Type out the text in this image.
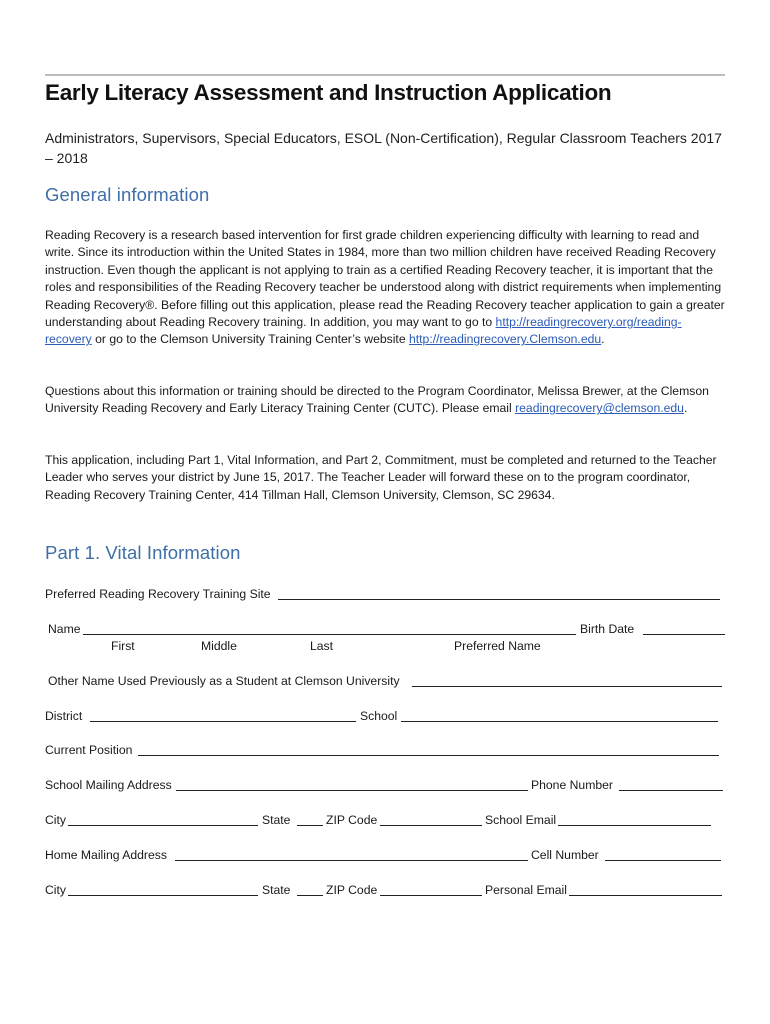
Early Literacy Assessment and Instruction Application
Administrators, Supervisors, Special Educators, ESOL (Non-Certification), Regular Classroom Teachers 2017 – 2018
General information

Reading Recovery is a research based intervention for first grade children experiencing difficulty with learning to read and write. Since its introduction within the United States in 1984, more than two million children have received Reading Recovery instruction. Even though the applicant is not applying to train as a certified Reading Recovery teacher, it is important that the roles and responsibilities of the Reading Recovery teacher be understood along with district requirements when implementing Reading Recovery®. Before filling out this application, please read the Reading Recovery teacher application to gain a greater understanding about Reading Recovery training. In addition, you may want to go to http://readingrecovery.org/reading-recovery or go to the Clemson University Training Center’s website http://readingrecovery.Clemson.edu.

Questions about this information or training should be directed to the Program Coordinator, Melissa Brewer, at the Clemson University Reading Recovery and Early Literacy Training Center (CUTC). Please email readingrecovery@clemson.edu.

This application, including Part 1, Vital Information, and Part 2, Commitment, must be completed and returned to the Teacher Leader who serves your district by June 15, 2017. The Teacher Leader will forward these on to the program coordinator, Reading Recovery Training Center, 414 Tillman Hall, Clemson University, Clemson, SC 29634.

Part 1. Vital Information
Preferred Reading Recovery Training Site
Name	Birth Date
First	Middle	Last	Preferred Name
Other Name Used Previously as a Student at Clemson University
District	School
Current Position
School Mailing Address	Phone Number
City	State	ZIP Code	School Email
Home Mailing Address	Cell Number
City	State	ZIP Code	Personal Email
